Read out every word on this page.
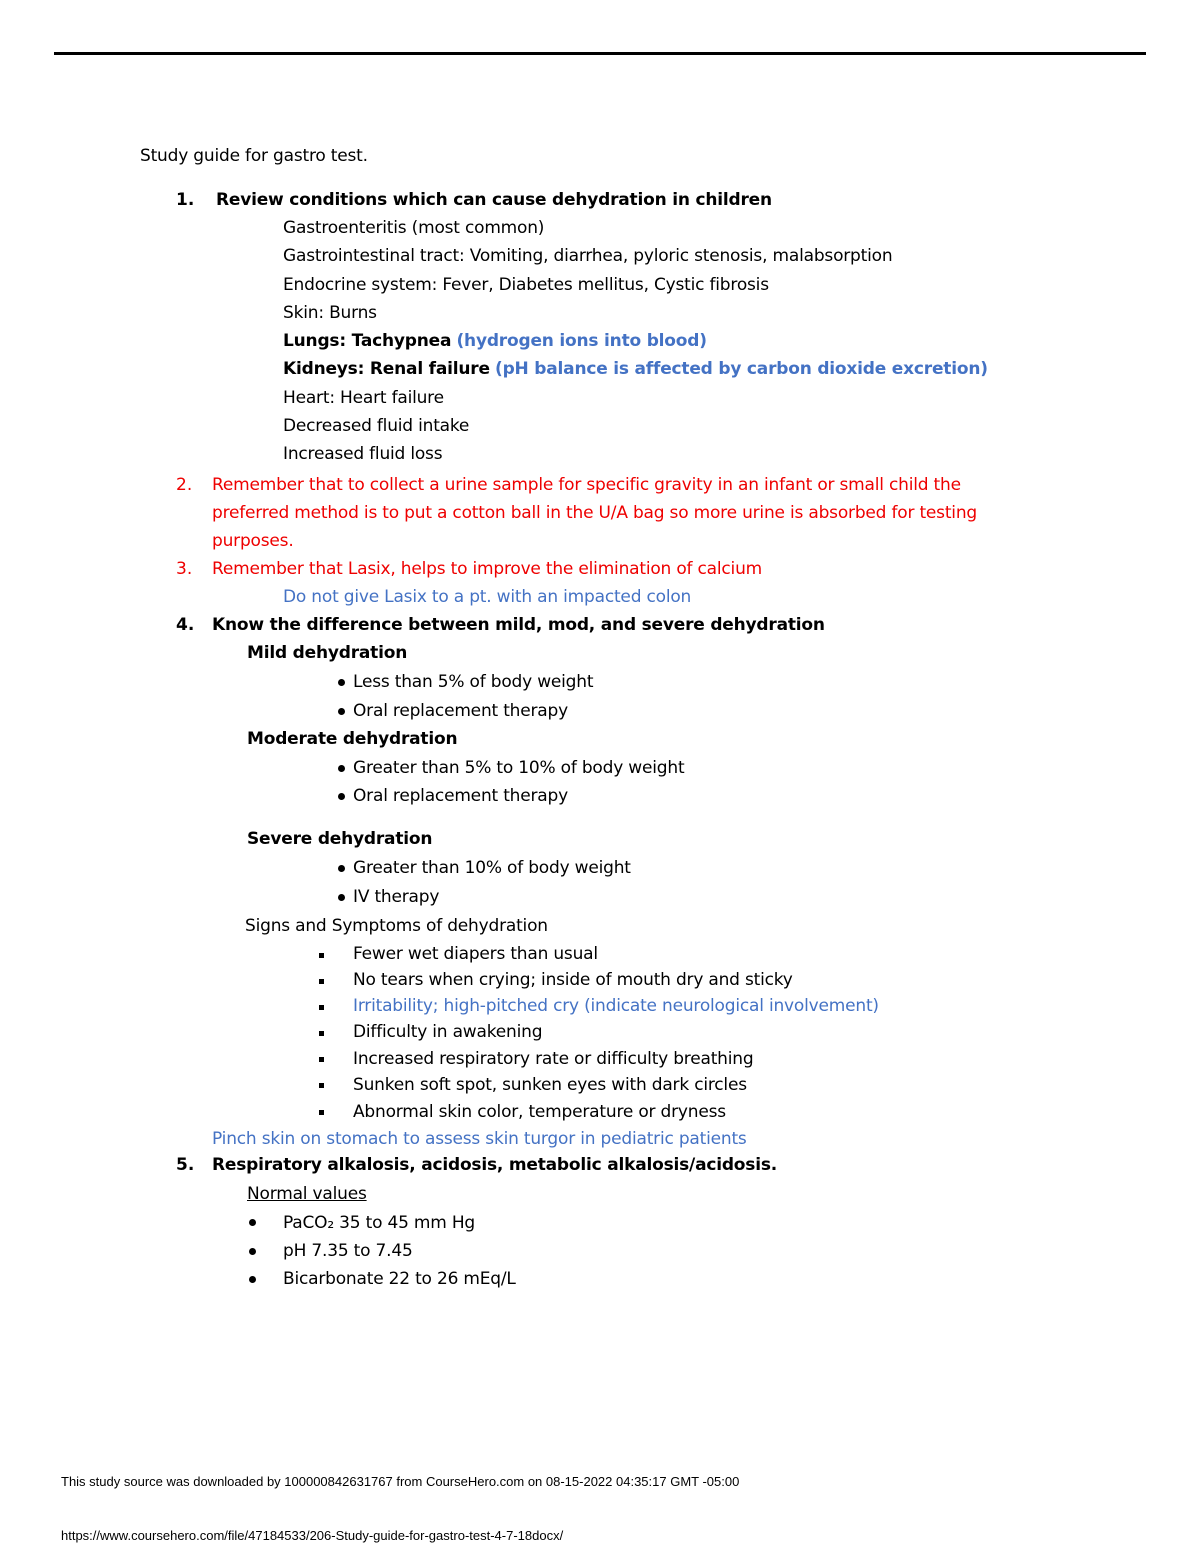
Study guide for gastro test.
1. Review conditions which can cause dehydration in children
Gastroenteritis (most common)
Gastrointestinal tract: Vomiting, diarrhea, pyloric stenosis, malabsorption
Endocrine system: Fever, Diabetes mellitus, Cystic fibrosis
Skin: Burns
Lungs: Tachypnea (hydrogen ions into blood)
Kidneys: Renal failure (pH balance is affected by carbon dioxide excretion)
Heart: Heart failure
Decreased fluid intake
Increased fluid loss
2. Remember that to collect a urine sample for specific gravity in an infant or small child the
preferred method is to put a cotton ball in the U/A bag so more urine is absorbed for testing
purposes.
3. Remember that Lasix, helps to improve the elimination of calcium
Do not give Lasix to a pt. with an impacted colon
4. Know the difference between mild, mod, and severe dehydration
Mild dehydration
Less than 5% of body weight
Oral replacement therapy
Moderate dehydration
Greater than 5% to 10% of body weight
Oral replacement therapy
Severe dehydration
Greater than 10% of body weight
IV therapy
Signs and Symptoms of dehydration
Fewer wet diapers than usual
No tears when crying; inside of mouth dry and sticky
Irritability; high-pitched cry (indicate neurological involvement)
Difficulty in awakening
Increased respiratory rate or difficulty breathing
Sunken soft spot, sunken eyes with dark circles
Abnormal skin color, temperature or dryness
Pinch skin on stomach to assess skin turgor in pediatric patients
5. Respiratory alkalosis, acidosis, metabolic alkalosis/acidosis.
Normal values
PaCO₂ 35 to 45 mm Hg
pH 7.35 to 7.45
Bicarbonate 22 to 26 mEq/L
This study source was downloaded by 100000842631767 from CourseHero.com on 08-15-2022 04:35:17 GMT -05:00
https://www.coursehero.com/file/47184533/206-Study-guide-for-gastro-test-4-7-18docx/
